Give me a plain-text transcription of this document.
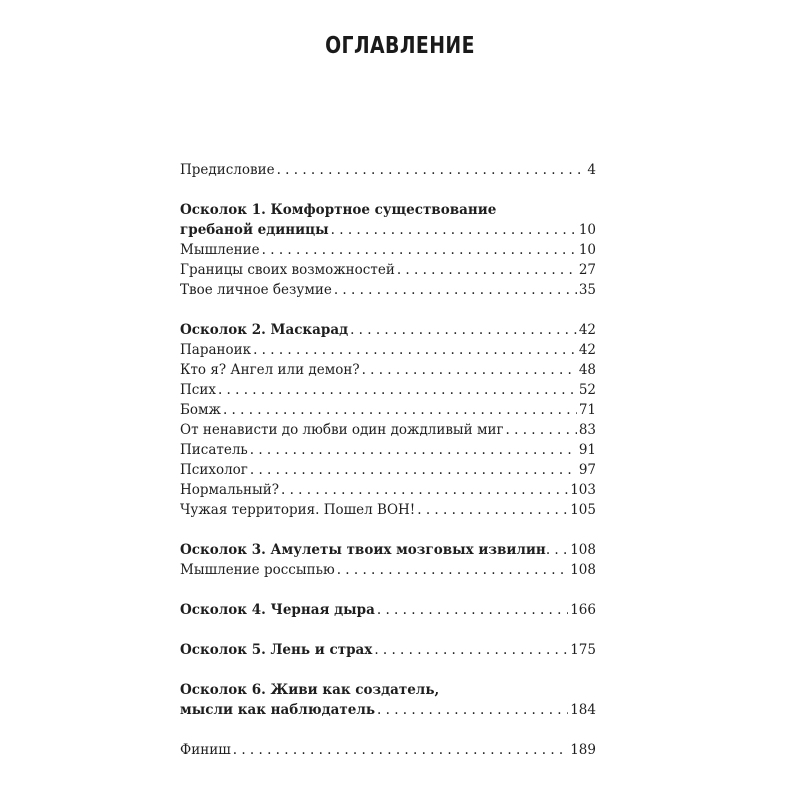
ОГЛАВЛЕНИЕ
Предисловие . . .	4
Осколок 1. Комфортное существование
гребаной единицы . . .	10
Мышление . . .	10
Границы своих возможностей . . .	27
Твое личное безумие . . .	35
Осколок 2. Маскарад . . .	42
Параноик . . .	42
Кто я? Ангел или демон? . . .	48
Псих . . .	52
Бомж . . .	71
От ненависти до любви один дождливый миг . . .	83
Писатель . . .	91
Психолог . . .	97
Нормальный? . . .	103
Чужая территория. Пошел ВОН! . . .	105
Осколок 3. Амулеты твоих мозговых извилин . . . 108
Мышление россыпью . . .	108
Осколок 4. Черная дыра . . .	166
Осколок 5. Лень и страх . . .	175
Осколок 6. Живи как создатель,
мысли как наблюдатель . . .	184
Финиш . . .	189
